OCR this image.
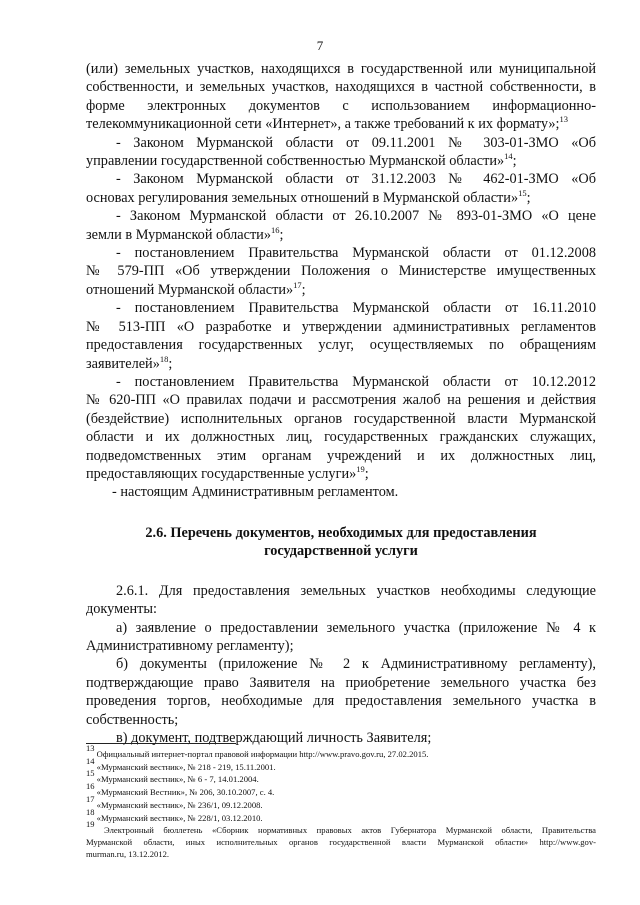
7

(или) земельных участков, находящихся в государственной или муниципальной

собственности, и земельных участков, находящихся в частной собственности, в

форме электронных документов с использованием информационно-

телекоммуникационной сети «Интернет», а также требований к их формату»;$^{13}$

- Законом Мурманской области от 09.11.2001 № 303-01-ЗМО «Об

управлении государственной собственностью Мурманской области»$^{14}$;

- Законом Мурманской области от 31.12.2003 № 462-01-ЗМО «Об

основах регулирования земельных отношений в Мурманской области»$^{15}$;

- Законом Мурманской области от 26.10.2007 № 893-01-ЗМО «О цене

земли в Мурманской области»$^{16}$;

- постановлением Правительства Мурманской области от 01.12.2008

№ 579-ПП «Об утверждении Положения о Министерстве имущественных

отношений Мурманской области»$^{17}$;

- постановлением Правительства Мурманской области от 16.11.2010

№ 513-ПП «О разработке и утверждении административных регламентов

предоставления государственных услуг, осуществляемых по обращениям

заявителей»$^{18}$;

- постановлением Правительства Мурманской области от 10.12.2012

№ 620-ПП «О правилах подачи и рассмотрения жалоб на решения и действия

(бездействие) исполнительных органов государственной власти Мурманской

области и их должностных лиц, государственных гражданских служащих,

подведомственных этим органам учреждений и их должностных лиц,

предоставляющих государственные услуги»$^{19}$;

- настоящим Административным регламентом.

2.6. Перечень документов, необходимых для предоставления
государственной услуги

2.6.1. Для предоставления земельных участков необходимы следующие

документы:

а) заявление о предоставлении земельного участка (приложение № 4 к

Административному регламенту);

б) документы (приложение № 2 к Административному регламенту),

подтверждающие право Заявителя на приобретение земельного участка без

проведения торгов, необходимые для предоставления земельного участка в

собственность;

в) документ, подтверждающий личность Заявителя;

$^{13}$ Официальный интернет-портал правовой информации http://www.pravo.gov.ru, 27.02.2015.

$^{14}$ «Мурманский вестник», № 218 - 219, 15.11.2001.

$^{15}$ «Мурманский вестник», № 6 - 7, 14.01.2004.

$^{16}$ «Мурманский Вестник», № 206, 30.10.2007, с. 4.

$^{17}$ «Мурманский вестник», № 236/1, 09.12.2008.

$^{18}$ «Мурманский вестник», № 228/1, 03.12.2010.

$^{19}$ Электронный бюллетень «Сборник нормативных правовых актов Губернатора Мурманской области, Правительства

Мурманской области, иных исполнительных органов государственной власти Мурманской области» http://www.gov-

murman.ru, 13.12.2012.
